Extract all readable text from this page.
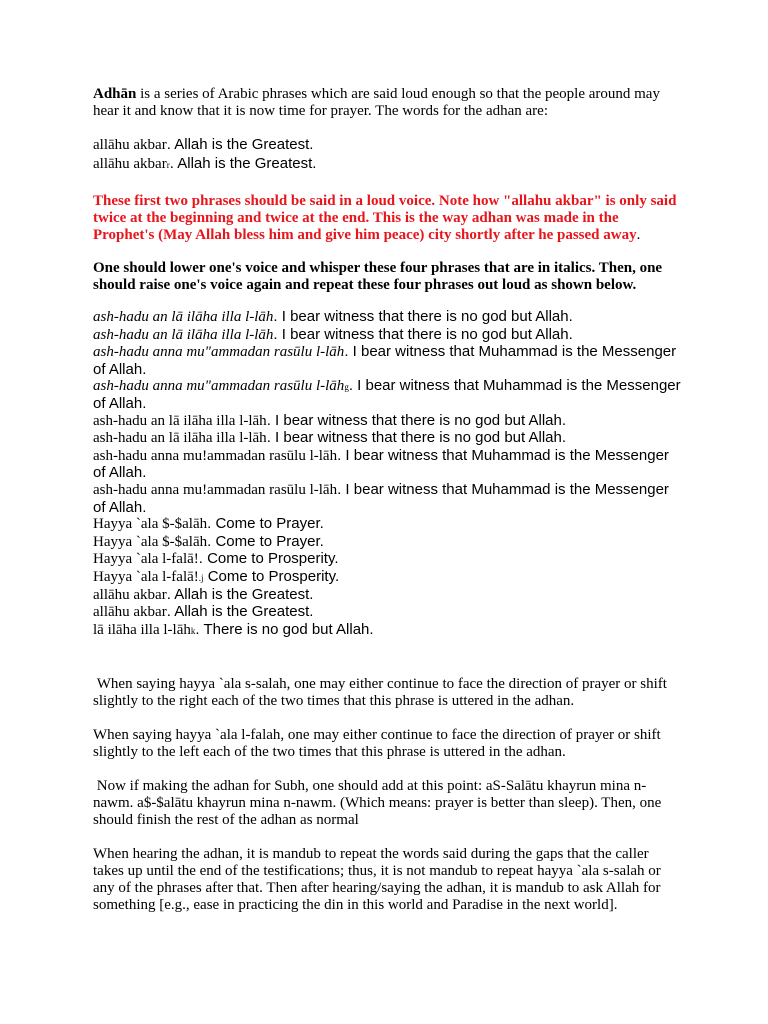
Adhān is a series of Arabic phrases which are said loud enough so that the people around may hear it and know that it is now time for prayer. The words for the adhan are:

allāhu akbar. Allah is the Greatest.
allāhu akbarr. Allah is the Greatest.

These first two phrases should be said in a loud voice. Note how "allahu akbar" is only said twice at the beginning and twice at the end. This is the way adhan was made in the Prophet's (May Allah bless him and give him peace) city shortly after he passed away.

One should lower one's voice and whisper these four phrases that are in italics. Then, one should raise one's voice again and repeat these four phrases out loud as shown below.

ash-hadu an lā ilāha illa l-lāh. I bear witness that there is no god but Allah.
ash-hadu an lā ilāha illa l-lāh. I bear witness that there is no god but Allah.
ash-hadu anna mu"ammadan rasūlu l-lāh. I bear witness that Muhammad is the Messenger of Allah.
ash-hadu anna mu"ammadan rasūlu l-lāhg. I bear witness that Muhammad is the Messenger of Allah.
ash-hadu an lā ilāha illa l-lāh. I bear witness that there is no god but Allah.
ash-hadu an lā ilāha illa l-lāh. I bear witness that there is no god but Allah.
ash-hadu anna mu!ammadan rasūlu l-lāh. I bear witness that Muhammad is the Messenger of Allah.
ash-hadu anna mu!ammadan rasūlu l-lāh. I bear witness that Muhammad is the Messenger of Allah.
Hayya `ala $-$alāh. Come to Prayer.
Hayya `ala $-$alāh. Come to Prayer.
Hayya `ala l-falā!. Come to Prosperity.
Hayya `ala l-falā!.j Come to Prosperity.
allāhu akbar. Allah is the Greatest.
allāhu akbar. Allah is the Greatest.
lā ilāha illa l-lāhk. There is no god but Allah.

When saying hayya `ala s-salah, one may either continue to face the direction of prayer or shift slightly to the right each of the two times that this phrase is uttered in the adhan.

When saying hayya `ala l-falah, one may either continue to face the direction of prayer or shift slightly to the left each of the two times that this phrase is uttered in the adhan.

Now if making the adhan for Subh, one should add at this point: aS-Salātu khayrun mina n-nawm. a$-$alātu khayrun mina n-nawm. (Which means: prayer is better than sleep). Then, one should finish the rest of the adhan as normal

When hearing the adhan, it is mandub to repeat the words said during the gaps that the caller takes up until the end of the testifications; thus, it is not mandub to repeat hayya `ala s-salah or any of the phrases after that. Then after hearing/saying the adhan, it is mandub to ask Allah for something [e.g., ease in practicing the din in this world and Paradise in the next world].
